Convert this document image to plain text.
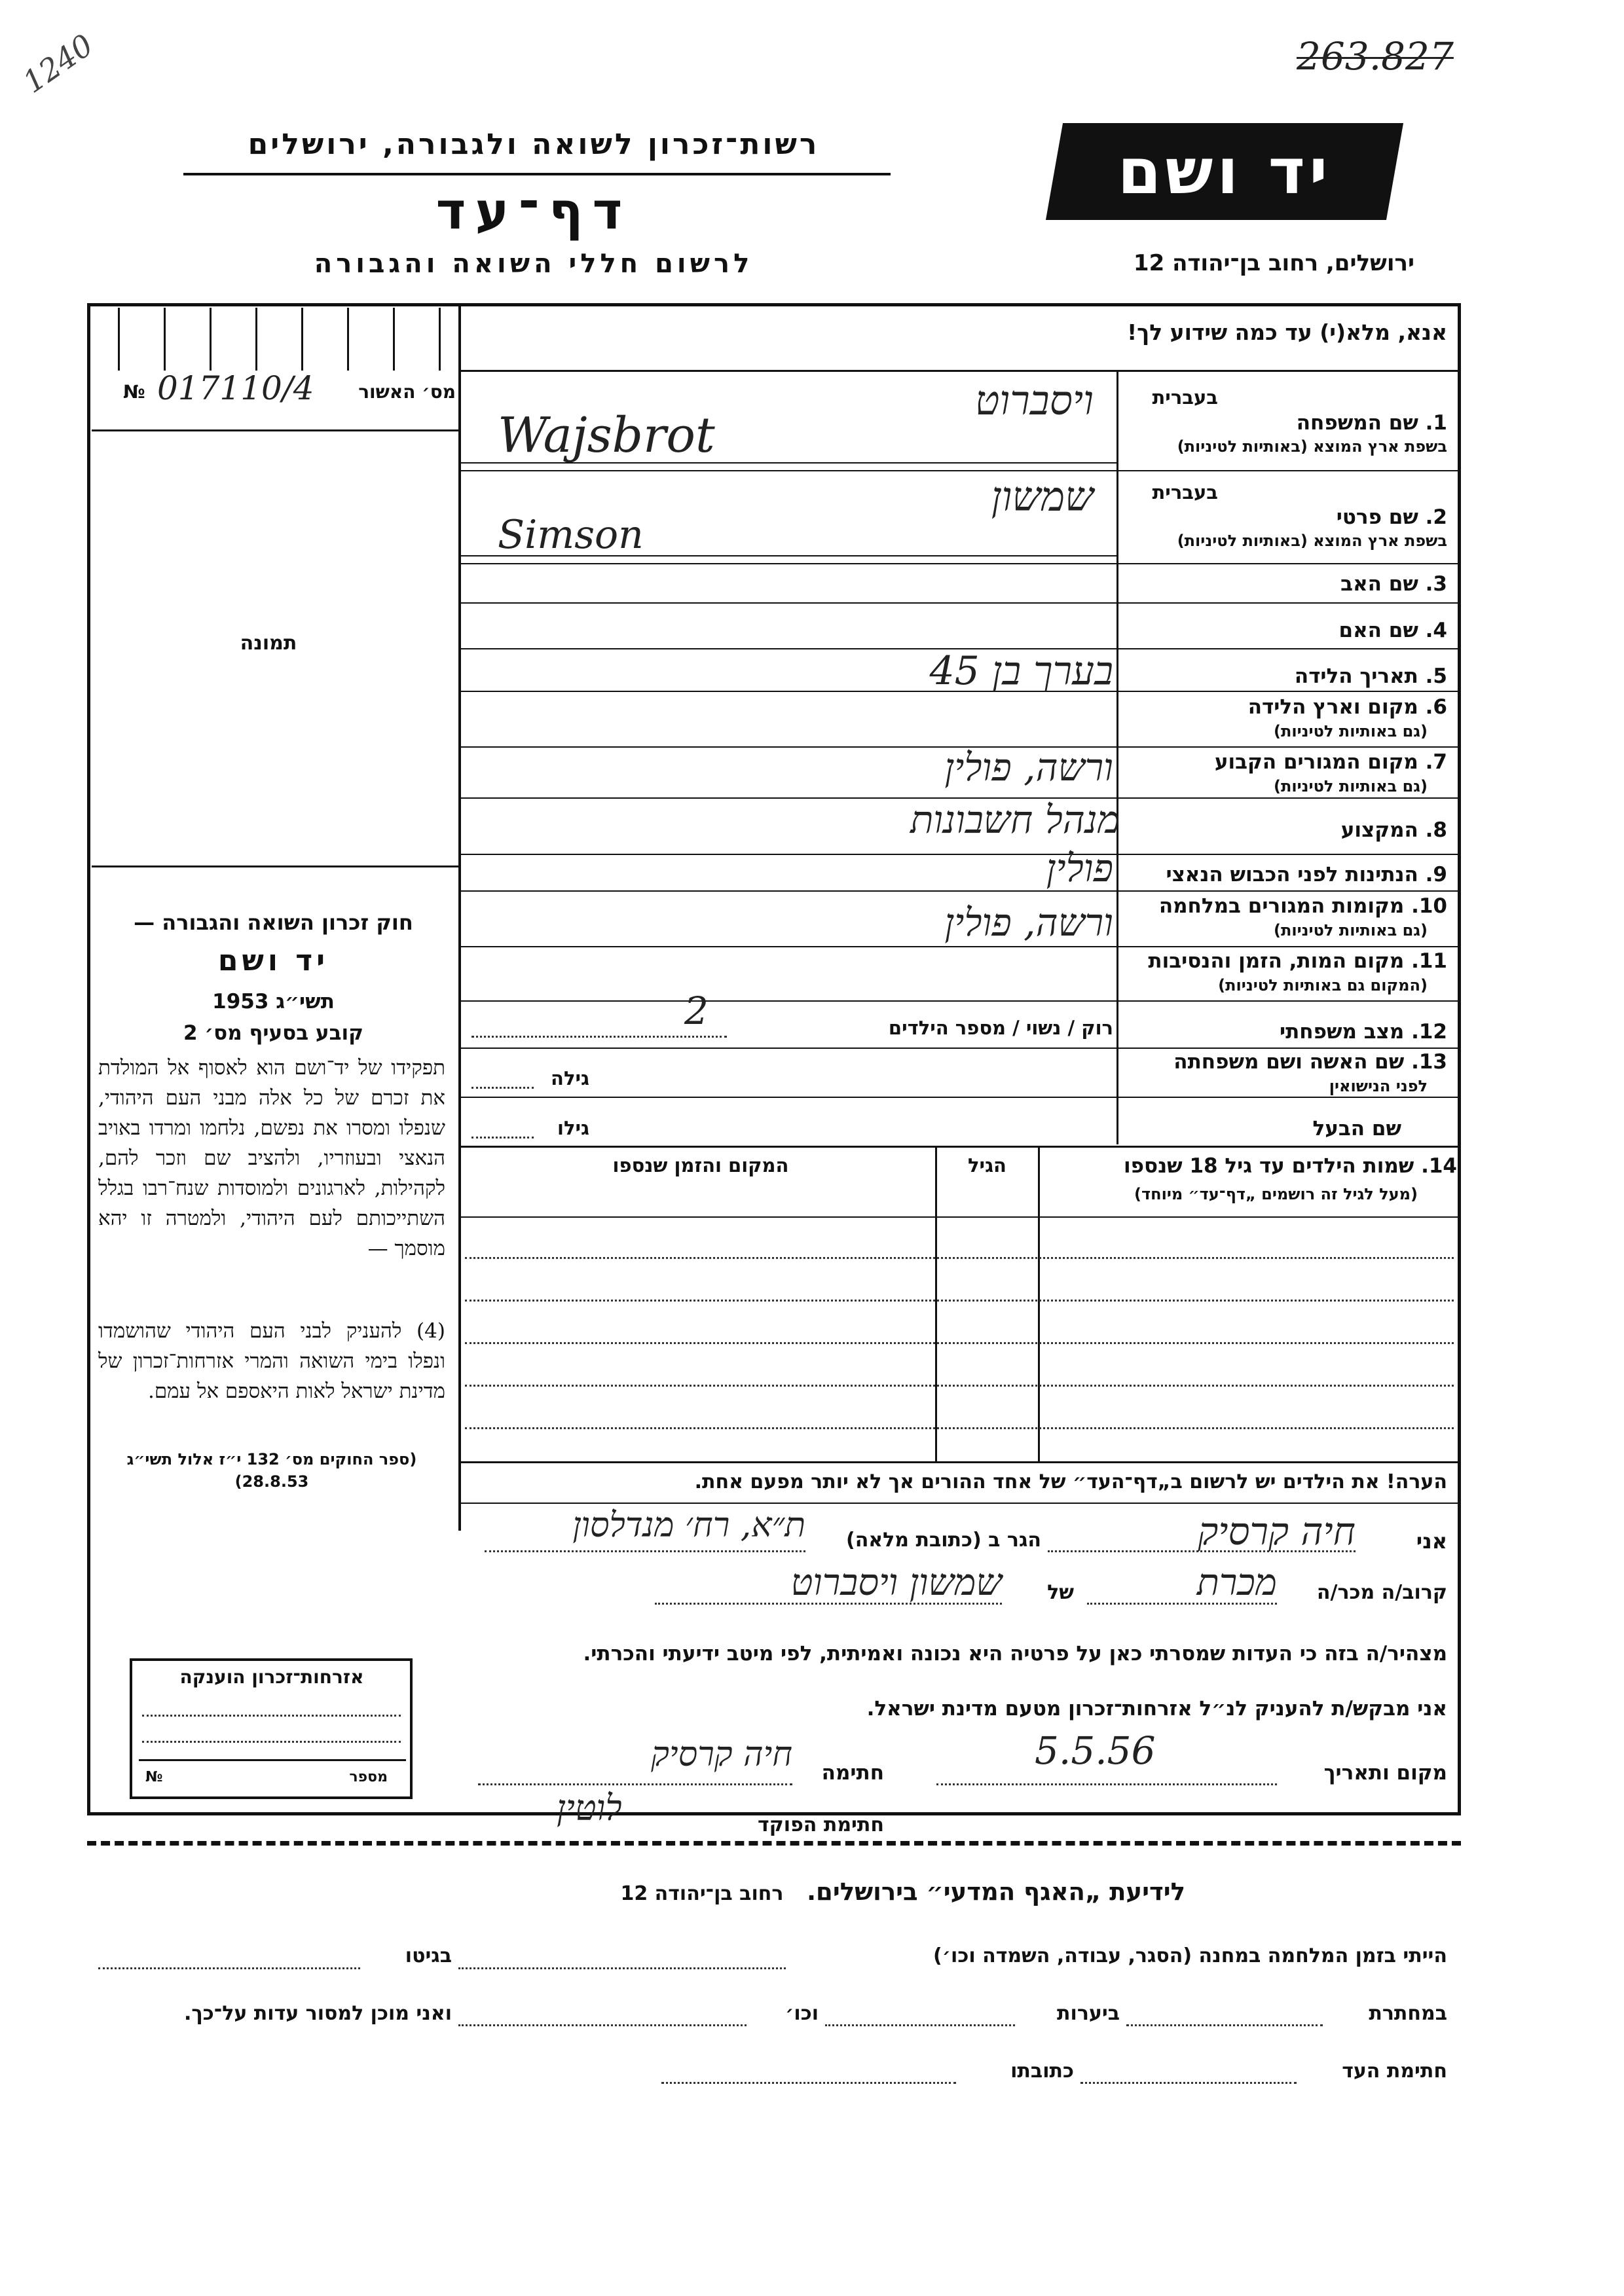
263.827
1240
רשות־זכרון לשואה ולגבורה, ירושלים
דף־עד
לרשום חללי השואה והגבורה
יד ושם
ירושלים, רחוב בן־יהודה 12
אנא, מלא(י) עד כמה שידוע לך!
№ 017110/4 מס׳ האשור
תמונה
בעברית
בעברית
1. שם המשפחה
בשפת ארץ המוצא (באותיות לטיניות)
2. שם פרטי
בשפת ארץ המוצא (באותיות לטיניות)
3. שם האב
4. שם האם
5. תאריך הלידה
6. מקום וארץ הלידה
(גם באותיות לטיניות)
7. מקום המגורים הקבוע
(גם באותיות לטיניות)
8. המקצוע
9. הנתינות לפני הכבוש הנאצי
10. מקומות המגורים במלחמה
(גם באותיות לטיניות)
11. מקום המות, הזמן והנסיבות
(המקום גם באותיות לטיניות)
12. מצב משפחתי
13. שם האשה ושם משפחתה
לפני הנישואין
שם הבעל
ויסברוט
Wajsbrot
שמשון
Simson
בערך בן 45
ורשה, פולין
מנהל חשבונות
פולין
ורשה, פולין
רוק / נשוי / מספר הילדים
2
גילה
גילו
14. שמות הילדים עד גיל 18 שנספו
(מעל לגיל זה רושמים „דף־עד״ מיוחד)
הגיל
המקום והזמן שנספו
הערה! את הילדים יש לרשום ב„דף־העד״ של אחד ההורים אך לא יותר מפעם אחת.
אני
חיה קרסיק
הגר ב (כתובת מלאה)
ת״א, רח׳ מנדלסון
קרוב/ה מכר/ה
מכרת
של
שמשון ויסברוט
מצהיר/ה בזה כי העדות שמסרתי כאן על פרטיה היא נכונה ואמיתית, לפי מיטב ידיעתי והכרתי.
אני מבקש/ת להעניק לנ״ל אזרחות־זכרון מטעם מדינת ישראל.
מקום ותאריך
5.5.56
חתימה
חיה קרסיק
חתימת הפוקד
לוטין
חוק זכרון השואה והגבורה —
יד ושם
תשי״ג 1953
קובע בסעיף מס׳ 2
תפקידו של יד־ושם הוא לאסוף אל המולדת את זכרם של כל אלה מבני העם היהודי, שנפלו ומסרו את נפשם, נלחמו ומרדו באויב הנאצי ובעוזריו, ולהציב שם וזכר להם, לקהילות, לארגונים ולמוסדות שנח־רבו בגלל השתייכותם לעם היהודי, ולמטרה זו יהא מוסמך —
(4) להעניק לבני העם היהודי שהושמדו ונפלו בימי השואה והמרי אזרחות־זכרון של מדינת ישראל לאות היאספם אל עמם.
(ספר החוקים מס׳ 132 י״ז אלול תשי״ג 28.8.53)
אזרחות־זכרון הוענקה
№	מספר
לידיעת „האגף המדעי״ בירושלים. רחוב בן־יהודה 12
הייתי בזמן המלחמה במחנה (הסגר, עבודה, השמדה וכו׳)
בגיטו
במחתרת
ביערות
וכו׳
ואני מוכן למסור עדות על־כך.
חתימת העד
כתובתו
